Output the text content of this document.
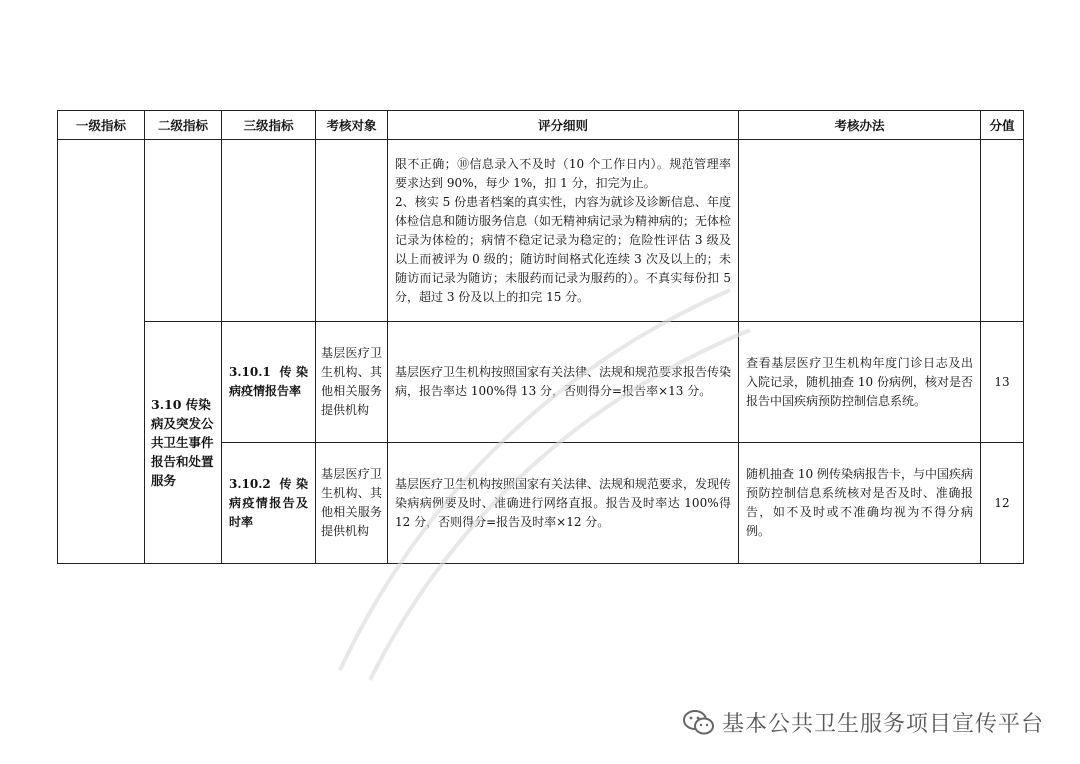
一级指标	二级指标	三级指标	考核对象	评分细则	考核办法	分值

				限不正确；⑩信息录入不及时（10 个工作日内）。规范管理率要求达到 90%，每少 1%，扣 1 分，扣完为止。

2、核实 5 份患者档案的真实性，内容为就诊及诊断信息、年度体检信息和随访服务信息（如无精神病记录为精神病的；无体检记录为体检的；病情不稳定记录为稳定的；危险性评估 3 级及以上而被评为 0 级的；随访时间格式化连续 3 次及以上的；未随访而记录为随访；未服药而记录为服药的）。不真实每份扣 5 分，超过 3 份及以上的扣完 15 分。		

	3.10 传染病及突发公共卫生事件报告和处置服务	3.10.1 传染病疫情报告率	基层医疗卫生机构、其他相关服务提供机构	基层医疗卫生机构按照国家有关法律、法规和规范要求报告传染病，报告率达 100%得 13 分，否则得分=报告率×13 分。	查看基层医疗卫生机构年度门诊日志及出入院记录，随机抽查 10 份病例，核对是否报告中国疾病预防控制信息系统。	13

		3.10.2 传染病疫情报告及时率	基层医疗卫生机构、其他相关服务提供机构	基层医疗卫生机构按照国家有关法律、法规和规范要求，发现传染病病例要及时、准确进行网络直报。报告及时率达 100%得 12 分，否则得分=报告及时率×12 分。	随机抽查 10 例传染病报告卡，与中国疾病预防控制信息系统核对是否及时、准确报告，如不及时或不准确均视为不得分病例。	12
基本公共卫生服务项目宣传平台
